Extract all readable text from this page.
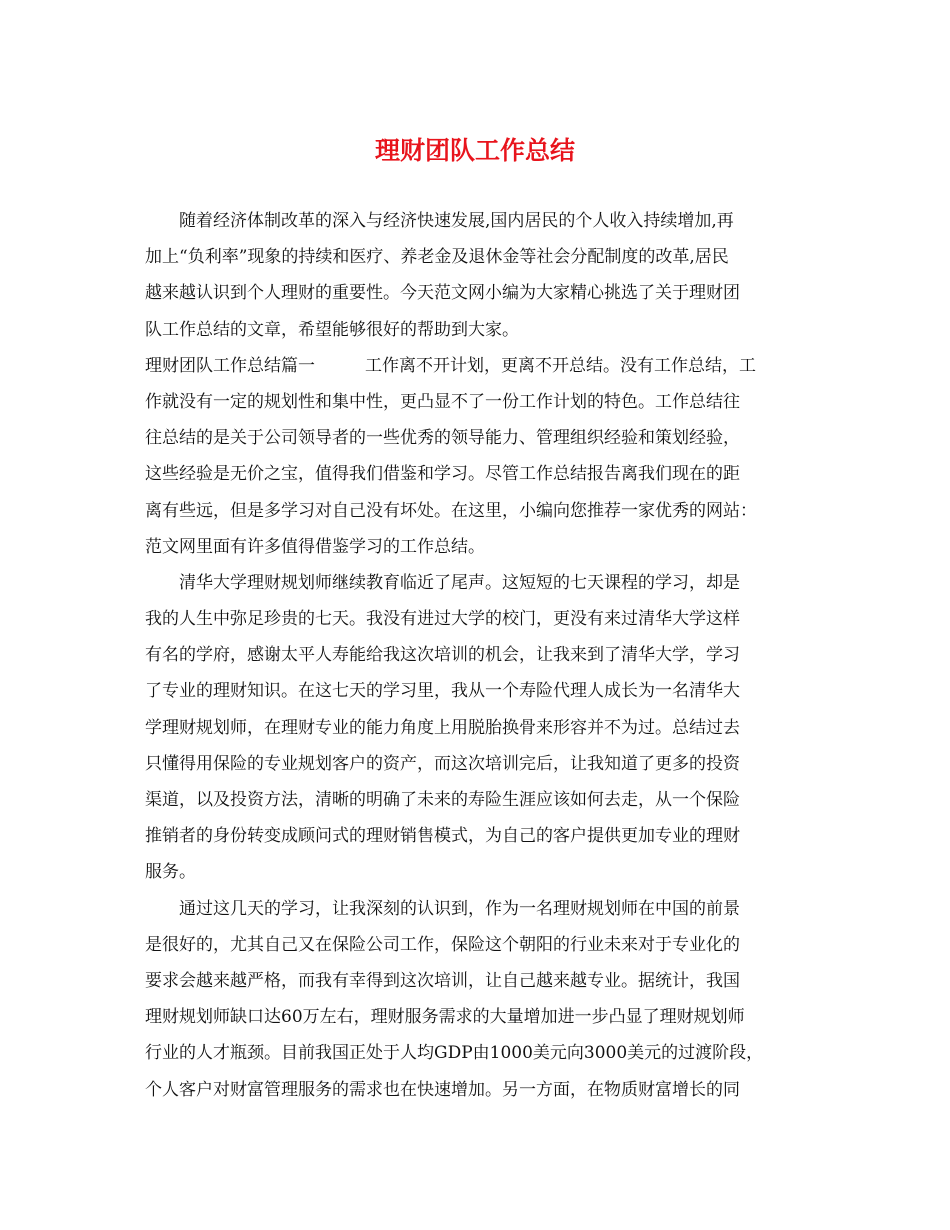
理财团队工作总结
随着经济体制改革的深入与经济快速发展,国内居民的个人收入持续增加,再
加上“负利率”现象的持续和医疗、养老金及退休金等社会分配制度的改革,居民
越来越认识到个人理财的重要性。今天范文网小编为大家精心挑选了关于理财团
队工作总结的文章，希望能够很好的帮助到大家。
理财团队工作总结篇一	工作离不开计划，更离不开总结。没有工作总结，工
作就没有一定的规划性和集中性，更凸显不了一份工作计划的特色。工作总结往
往总结的是关于公司领导者的一些优秀的领导能力、管理组织经验和策划经验，
这些经验是无价之宝，值得我们借鉴和学习。尽管工作总结报告离我们现在的距
离有些远，但是多学习对自己没有坏处。在这里，小编向您推荐一家优秀的网站：
范文网里面有许多值得借鉴学习的工作总结。
清华大学理财规划师继续教育临近了尾声。这短短的七天课程的学习，却是
我的人生中弥足珍贵的七天。我没有进过大学的校门，更没有来过清华大学这样
有名的学府，感谢太平人寿能给我这次培训的机会，让我来到了清华大学，学习
了专业的理财知识。在这七天的学习里，我从一个寿险代理人成长为一名清华大
学理财规划师，在理财专业的能力角度上用脱胎换骨来形容并不为过。总结过去
只懂得用保险的专业规划客户的资产，而这次培训完后，让我知道了更多的投资
渠道，以及投资方法，清晰的明确了未来的寿险生涯应该如何去走，从一个保险
推销者的身份转变成顾问式的理财销售模式，为自己的客户提供更加专业的理财
服务。
通过这几天的学习，让我深刻的认识到，作为一名理财规划师在中国的前景
是很好的，尤其自己又在保险公司工作，保险这个朝阳的行业未来对于专业化的
要求会越来越严格，而我有幸得到这次培训，让自己越来越专业。据统计，我国
理财规划师缺口达60万左右，理财服务需求的大量增加进一步凸显了理财规划师
行业的人才瓶颈。目前我国正处于人均GDP由1000美元向3000美元的过渡阶段，
个人客户对财富管理服务的需求也在快速增加。另一方面，在物质财富增长的同
